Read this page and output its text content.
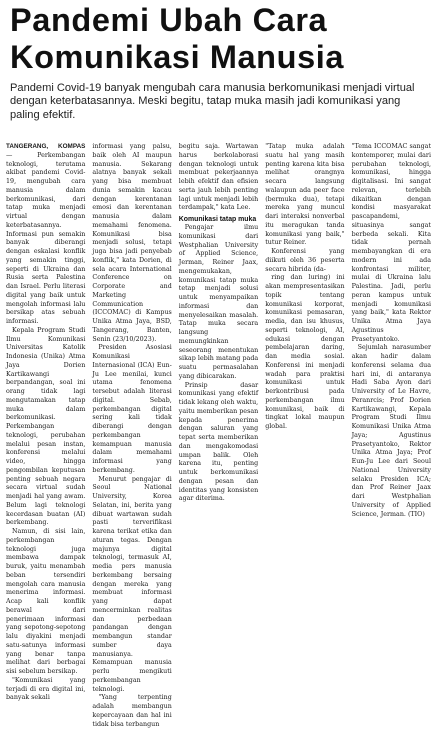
Pandemi Ubah Cara Komunikasi Manusia

Pandemi Covid-19 banyak mengubah cara manusia berkomunikasi menjadi virtual dengan keterbatasannya. Meski begitu, tatap muka masih jadi komunikasi yang paling efektif.

TANGERANG, KOMPAS — Perkembangan teknologi, terutama akibat pandemi Covid-19, mengubah cara manusia dalam berkomunikasi, dari tatap muka menjadi virtual dengan keterbatasannya. Informasi pun semakin banyak diberangi dengan eskalasi konflik yang semakin tinggi, seperti di Ukraina dan Rusia serta Palestina dan Israel. Perlu literasi digital yang baik untuk mengolah informasi lalu bersikap atas sebuah informasi.

Kepala Program Studi Ilmu Komunikasi Universitas Katolik Indonesia (Unika) Atma Jaya Dorien Kartikawangi berpandangan, soal ini orang tidak lagi mengutamakan tatap muka dalam berkomunikasi. Perkembangan teknologi, perubahan melalui pesan instan, konferensi melalui video, hingga pengombilan keputusan penting sebuah negara secara virtual sudah menjadi hal yang awam. Belum lagi teknologi kecerdasan buatan (AI) berkembang.

Namun, di sisi lain, perkembangan teknologi juga membawa dampak buruk, yaitu menambah beban tersendiri mengolah cara manusia menerima informasi. Acap kali konflik berawal dari penerimaan informasi yang sepotong-sepotong lalu diyakini menjadi satu-satunya informasi yang benar tanpa melihat dari berbagai sisi sebelum bersikap.

"Komunikasi yang terjadi di era digital ini, banyak sekali

informasi yang palsu, baik oleh AI maupun manusia. Sekarang alatnya banyak sekali yang bisa membuat dunia semakin kacau dengan kerentanan emosi dan kerentanan manusia dalam memahami fenomena. Komunikasi bisa menjadi solusi, tetapi juga bisa jadi penyebab konflik," kata Dorien, di sela acara International Conference on Corporate and Marketing Communication (ICCOMAC) di Kampus Unika Atma Jaya, BSD, Tangerang, Banten, Senin (23/10/2023).

Presiden Asosiasi Komunikasi Internasional (ICA) Eun-Ju Lee menilai, kunci utama fenomena tersebut adalah literasi digital. Sebab, perkembangan digital sering kali tidak diberangi dengan perkembangan kemampuan manusia dalam memahami informasi yang berkembang.

Menurut pengajar di Seoul National University, Korea Selatan, ini, berita yang dibuat wartawan sudah pasti terverifikasi karena terikat etika dan aturan tegas. Dengan majunya digital teknologi, termasuk AI, media pers manusia berkembang bersaing dengan mereka yang membuat informasi yang dapat mencerminkan realitas dan perbedaan pandangan dengan membangun standar sumber daya manusianya. Kemampuan manusia perlu mengikuti perkembangan teknologi.

"Yang terpenting adalah membangun kepercayaan dan hal ini tidak bisa terbangun

begitu saja. Wartawan harus berkolaborasi dengan teknologi untuk membuat pekerjaannya lebih efektif dan efisien serta jauh lebih penting lagi untuk menjadi lebih terdampak," kata Lee.

Komunikasi tatap muka

Pengajar ilmu komunikasi dari Westphalian University of Applied Science, Jerman, Reiner Jaax, mengemukakan, komunikasi tatap muka tetap menjadi solusi untuk menyampaikan informasi dan menyelesaikan masalah. Tatap muka secara langsung memungkinkan seseorang menentukan sikap lebih matang pada suatu permasalahan yang dibicarakan.

Prinsip dasar komunikasi yang efektif tidak lekang oleh waktu, yaitu memberikan pesan kepada penerima dengan saluran yang tepat serta memberikan dan mengakomodasi umpan balik. Oleh karena itu, penting untuk berkomunikasi dengan pesan dan identitas yang konsisten agar diterima.

"Tatap muka adalah suatu hal yang masih penting karena kita bisa melihat orangnya secara langsung walaupun ada peer face (bermuka dua), tetapi mereka yang muncul dari interaksi nonverbal itu meragukan tanda komunikasi yang baik," tutur Reiner.

Konferensi yang diikuti oleh 36 peserta secara hibrida (da-

ring dan luring) ini akan mempresentasikan topik tentang komunikasi korporat, komunikasi pemasaran, media, dan isu khusus, seperti teknologi, AI, edukasi dengan pembelajaran daring, dan media sosial. Konferensi ini menjadi wadah para praktisi komunikasi untuk berkontribusi pada perkembangan ilmu komunikasi, baik di tingkat lokal maupun global.

"Tema ICCOMAC sangat kontemporer, mulai dari perubahan teknologi, komunikasi, hingga digitalisasi. Ini sangat relevan, terlebih dikaitkan dengan kondisi masyarakat pascapandemi, situasinya sangat berbeda sekali. Kita tidak pernah membayangkan di era modern ini ada konfrontasi militer, mulai di Ukraina lalu Palestina. Jadi, perlu peran kampus untuk menjadi komunikasi yang baik," kata Rektor Unika Atma Jaya Agustinus Prasetyantoko.

Sejumlah narasumber akan hadir dalam konferensi selama dua hari ini, di antaranya Hadi Saba Ayon dari University of Le Havre, Peranrcis; Prof Dorien Kartikawangi, Kepala Program Studi Ilmu Komunikasi Unika Atma Jaya; Agustinus Prasetyantoko, Rektor Unika Atma Jaya; Prof Eun-Ju Lee dari Seoul National University selaku Presiden ICA; dan Prof Reiner Jaax dari Westphalian University of Applied Science, Jerman. (TIO)
